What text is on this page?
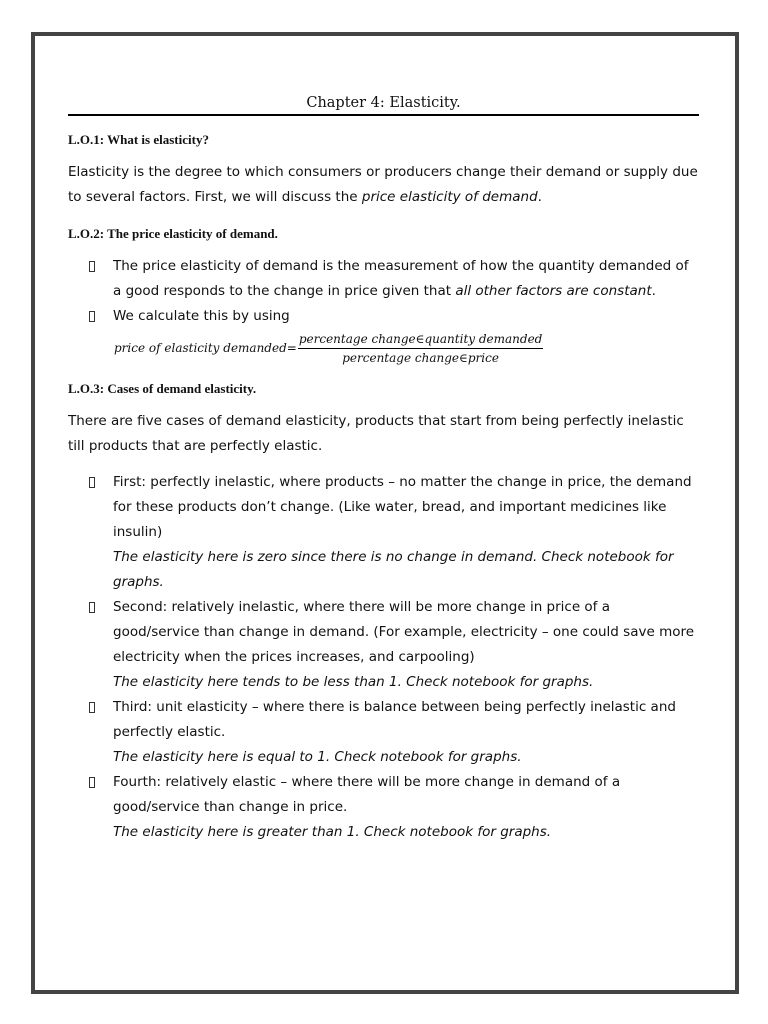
Chapter 4: Elasticity.

L.O.1: What is elasticity?

Elasticity is the degree to which consumers or producers change their demand or supply due to several factors. First, we will discuss the price elasticity of demand.

L.O.2: The price elasticity of demand.

The price elasticity of demand is the measurement of how the quantity demanded of a good responds to the change in price given that all other factors are constant.
We calculate this by using
price of elasticity demanded = $\frac{\text{percentage change∈quantity demanded}}{\text{percentage change∈price}}$

L.O.3: Cases of demand elasticity.

There are five cases of demand elasticity, products that start from being perfectly inelastic till products that are perfectly elastic.

First: perfectly inelastic, where products – no matter the change in price, the demand for these products don’t change. (Like water, bread, and important medicines like insulin)
The elasticity here is zero since there is no change in demand. Check notebook for graphs.
Second: relatively inelastic, where there will be more change in price of a good/service than change in demand. (For example, electricity – one could save more electricity when the prices increases, and carpooling)
The elasticity here tends to be less than 1. Check notebook for graphs.
Third: unit elasticity – where there is balance between being perfectly inelastic and perfectly elastic.
The elasticity here is equal to 1. Check notebook for graphs.
Fourth: relatively elastic – where there will be more change in demand of a good/service than change in price.
The elasticity here is greater than 1. Check notebook for graphs.
